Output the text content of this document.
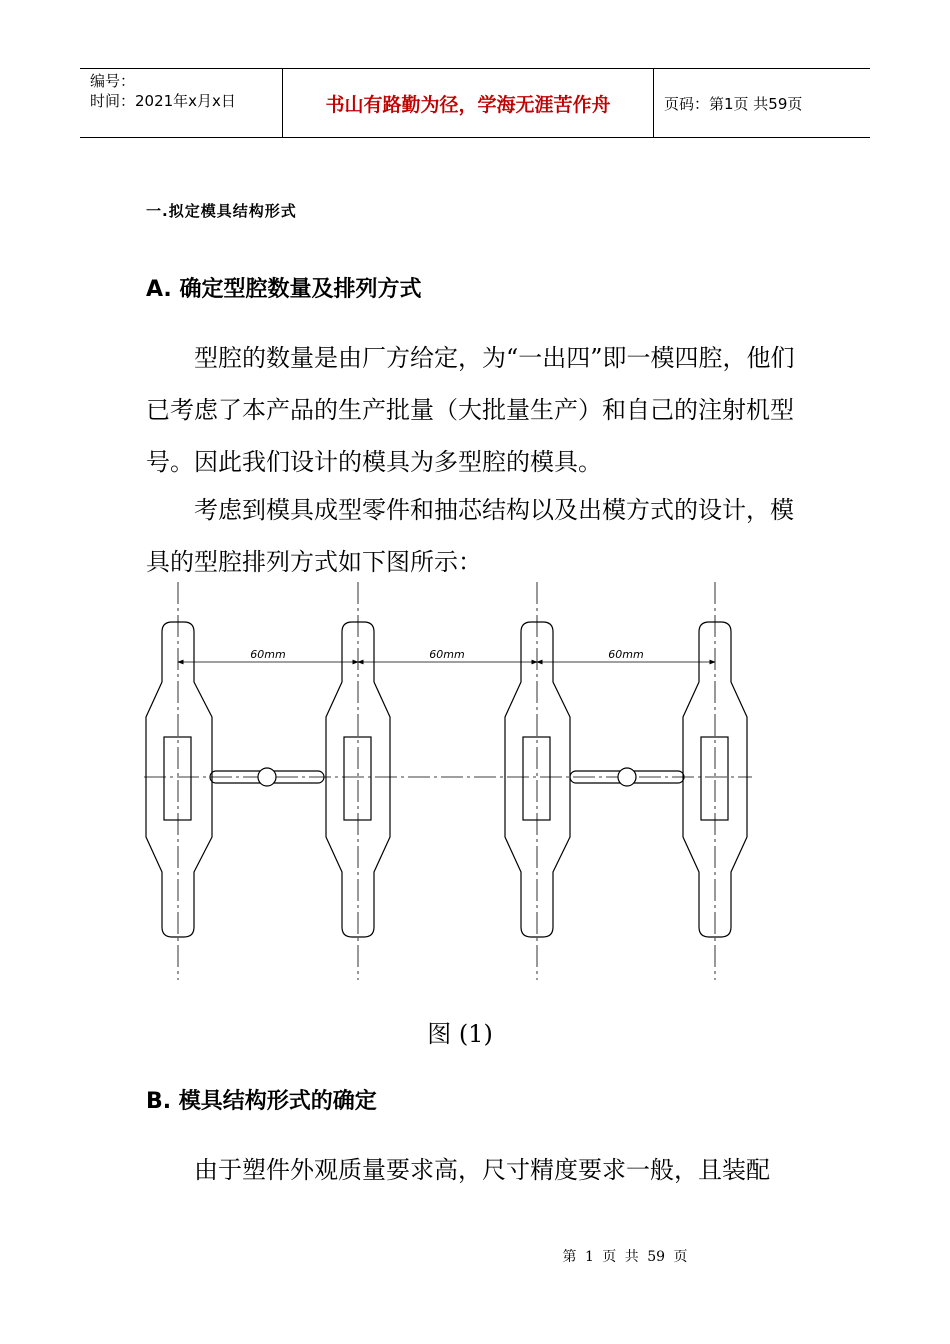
编号：
时间：2021年x月x日	书山有路勤为径，学海无涯苦作舟	页码：第1页 共59页
一.拟定模具结构形式
A. 确定型腔数量及排列方式

型腔的数量是由厂方给定，为“一出四”即一模四腔，他们已考虑了本产品的生产批量（大批量生产）和自己的注射机型号。因此我们设计的模具为多型腔的模具。

考虑到模具成型零件和抽芯结构以及出模方式的设计，模具的型腔排列方式如下图所示：

60mm	60mm	60mm
图 (1)
B. 模具结构形式的确定

由于塑件外观质量要求高，尺寸精度要求一般，且装配

第 1 页 共 59 页
